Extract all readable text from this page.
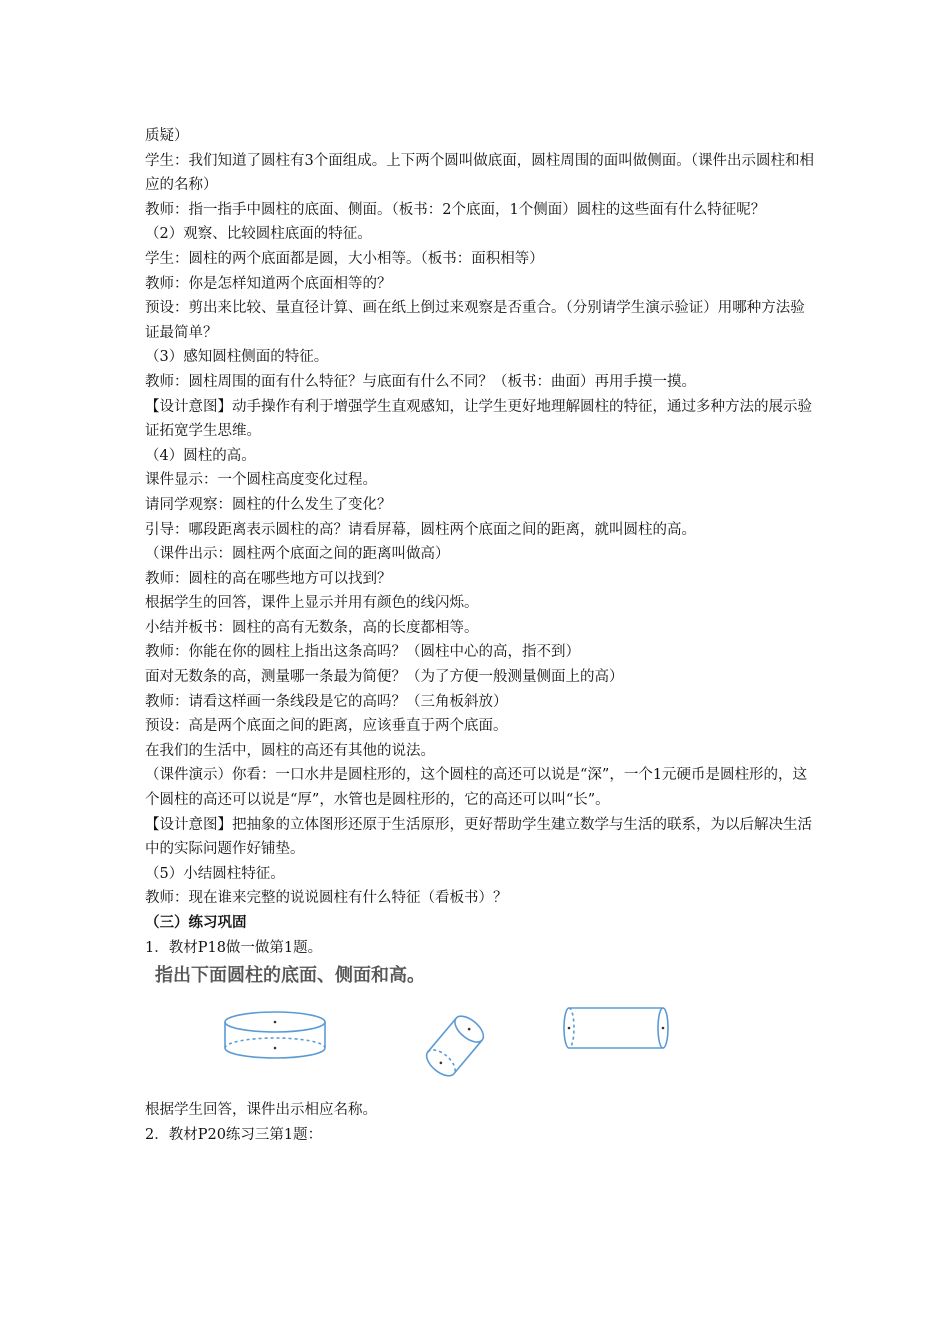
质疑）
学生：我们知道了圆柱有3个面组成。上下两个圆叫做底面，圆柱周围的面叫做侧面。（课件出示圆柱和相应的名称）
教师：指一指手中圆柱的底面、侧面。（板书：2个底面，1个侧面）圆柱的这些面有什么特征呢？
（2）观察、比较圆柱底面的特征。
学生：圆柱的两个底面都是圆，大小相等。（板书：面积相等）
教师：你是怎样知道两个底面相等的？
预设：剪出来比较、量直径计算、画在纸上倒过来观察是否重合。（分别请学生演示验证）用哪种方法验证最简单？
（3）感知圆柱侧面的特征。
教师：圆柱周围的面有什么特征？与底面有什么不同？（板书：曲面）再用手摸一摸。
【设计意图】动手操作有利于增强学生直观感知，让学生更好地理解圆柱的特征，通过多种方法的展示验证拓宽学生思维。
（4）圆柱的高。
课件显示：一个圆柱高度变化过程。
请同学观察：圆柱的什么发生了变化？
引导：哪段距离表示圆柱的高？请看屏幕，圆柱两个底面之间的距离，就叫圆柱的高。
（课件出示：圆柱两个底面之间的距离叫做高）
教师：圆柱的高在哪些地方可以找到？
根据学生的回答，课件上显示并用有颜色的线闪烁。
小结并板书：圆柱的高有无数条，高的长度都相等。
教师：你能在你的圆柱上指出这条高吗？（圆柱中心的高，指不到）
面对无数条的高，测量哪一条最为简便？（为了方便一般测量侧面上的高）
教师：请看这样画一条线段是它的高吗？（三角板斜放）
预设：高是两个底面之间的距离，应该垂直于两个底面。
在我们的生活中，圆柱的高还有其他的说法。
（课件演示）你看：一口水井是圆柱形的，这个圆柱的高还可以说是“深”，一个1元硬币是圆柱形的，这个圆柱的高还可以说是“厚”，水管也是圆柱形的，它的高还可以叫“长”。
【设计意图】把抽象的立体图形还原于生活原形，更好帮助学生建立数学与生活的联系，为以后解决生活中的实际问题作好铺垫。
（5）小结圆柱特征。
教师：现在谁来完整的说说圆柱有什么特征（看板书）？
（三）练习巩固
1．教材P18做一做第1题。
指出下面圆柱的底面、侧面和高。
根据学生回答，课件出示相应名称。
2．教材P20练习三第1题：
